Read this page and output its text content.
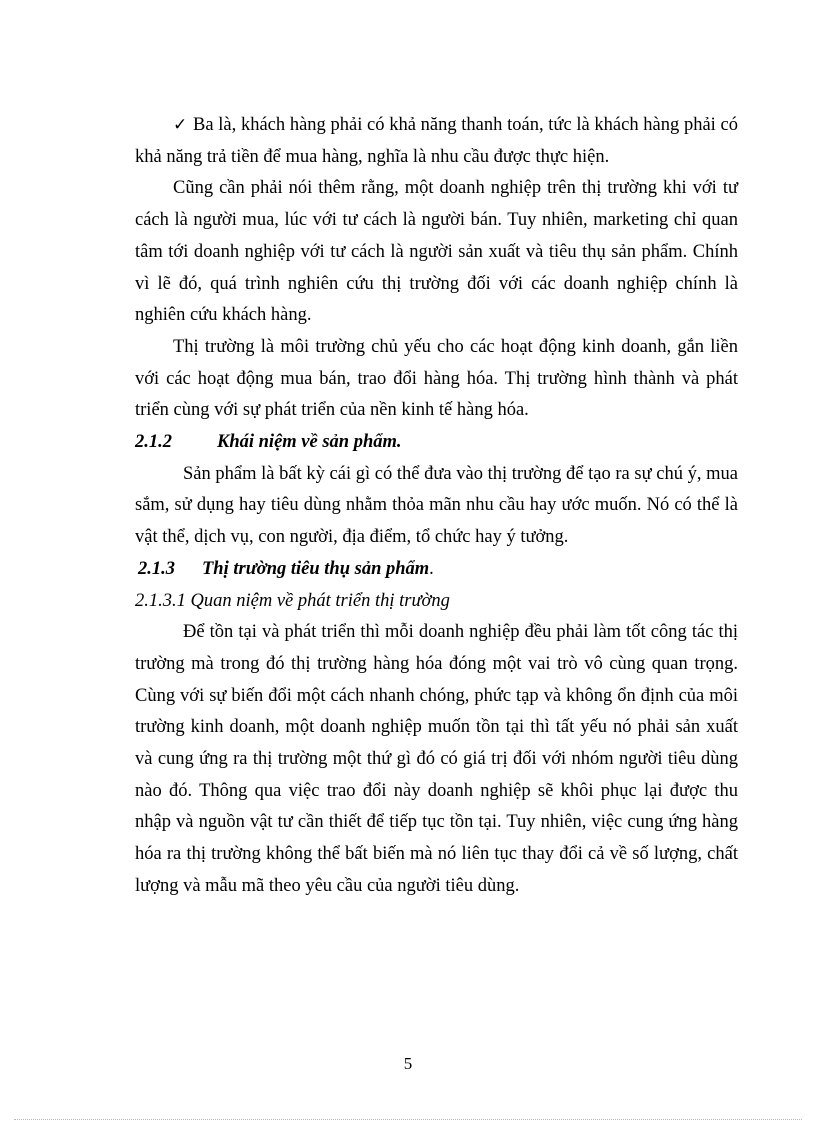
✓ Ba là, khách hàng phải có khả năng thanh toán, tức là khách hàng phải có khả năng trả tiền để mua hàng, nghĩa là nhu cầu được thực hiện.

Cũng cần phải nói thêm rằng, một doanh nghiệp trên thị trường khi với tư cách là người mua, lúc với tư cách là người bán. Tuy nhiên, marketing chỉ quan tâm tới doanh nghiệp với tư cách là người sản xuất và tiêu thụ sản phẩm. Chính vì lẽ đó, quá trình nghiên cứu thị trường đối với các doanh nghiệp chính là nghiên cứu khách hàng.

Thị trường là môi trường chủ yếu cho các hoạt động kinh doanh, gắn liền với các hoạt động mua bán, trao đổi hàng hóa. Thị trường hình thành và phát triển cùng với sự phát triển của nền kinh tế hàng hóa.

2.1.2 Khái niệm về sản phẩm.

Sản phẩm là bất kỳ cái gì có thể đưa vào thị trường để tạo ra sự chú ý, mua sắm, sử dụng hay tiêu dùng nhằm thỏa mãn nhu cầu hay ước muốn. Nó có thể là vật thể, dịch vụ, con người, địa điểm, tổ chức hay ý tưởng.

2.1.3 Thị trường tiêu thụ sản phẩm.

2.1.3.1 Quan niệm về phát triển thị trường

Để tồn tại và phát triển thì mỗi doanh nghiệp đều phải làm tốt công tác thị trường mà trong đó thị trường hàng hóa đóng một vai trò vô cùng quan trọng. Cùng với sự biến đổi một cách nhanh chóng, phức tạp và không ổn định của môi trường kinh doanh, một doanh nghiệp muốn tồn tại thì tất yếu nó phải sản xuất và cung ứng ra thị trường một thứ gì đó có giá trị đối với nhóm người tiêu dùng nào đó. Thông qua việc trao đổi này doanh nghiệp sẽ khôi phục lại được thu nhập và nguồn vật tư cần thiết để tiếp tục tồn tại. Tuy nhiên, việc cung ứng hàng hóa ra thị trường không thể bất biến mà nó liên tục thay đổi cả về số lượng, chất lượng và mẫu mã theo yêu cầu của người tiêu dùng.

5
